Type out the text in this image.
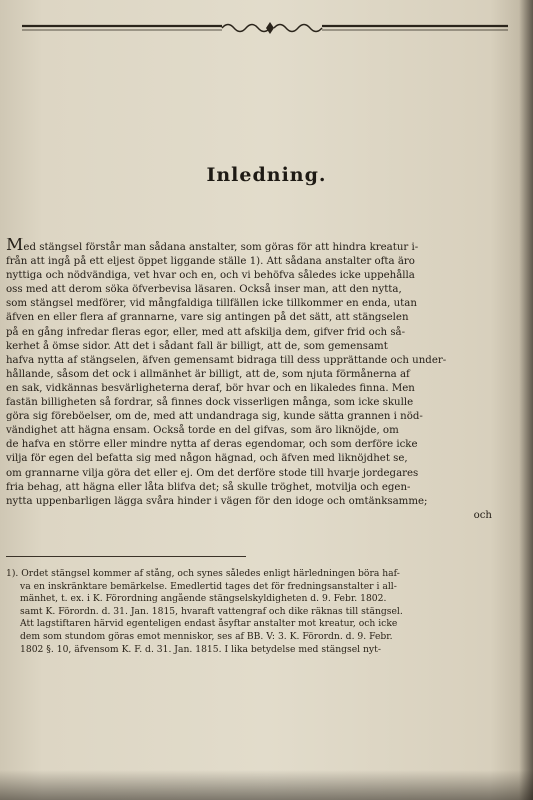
Inledning.
Med stängsel förstår man sådana anstalter, som göras för att hindra kreatur i-
från att ingå på ett eljest öppet liggande ställe 1). Att sådana anstalter ofta äro
nyttiga och nödvändiga, vet hvar och en, och vi behöfva således icke uppehålla
oss med att derom söka öfverbevisa läsaren. Också inser man, att den nytta,
som stängsel medförer, vid mångfaldiga tillfällen icke tillkommer en enda, utan
äfven en eller flera af grannarne, vare sig antingen på det sätt, att stängselen
på en gång infredar fleras egor, eller, med att afskilja dem, gifver frid och så-
kerhet å ömse sidor. Att det i sådant fall är billigt, att de, som gemensamt
hafva nytta af stängselen, äfven gemensamt bidraga till dess upprättande och under-
hållande, såsom det ock i allmänhet är billigt, att de, som njuta förmånerna af
en sak, vidkännas besvärligheterna deraf, bör hvar och en likaledes finna. Men
fastän billigheten så fordrar, så finnes dock visserligen många, som icke skulle
göra sig föreböelser, om de, med att undandraga sig, kunde sätta grannen i nöd-
vändighet att hägna ensam. Också torde en del gifvas, som äro liknöjde, om
de hafva en större eller mindre nytta af deras egendomar, och som derföre icke
vilja för egen del befatta sig med någon hägnad, och äfven med liknöjdhet se,
om grannarne vilja göra det eller ej. Om det derföre stode till hvarje jordegares
fria behag, att hägna eller låta blifva det; så skulle tröghet, motvilja och egen-
nytta uppenbarligen lägga svåra hinder i vägen för den idoge och omtänksamme;
och
1). Ordet stängsel kommer af stång, och synes således enligt härledningen böra haf-
va en inskränktare bemärkelse. Emedlertid tages det för fredningsanstalter i all-
mänhet, t. ex. i K. Förordning angående stängselskyldigheten d. 9. Febr. 1802.
samt K. Förordn. d. 31. Jan. 1815, hvaraft vattengraf och dike räknas till stängsel.
Att lagstiftaren härvid egenteligen endast åsyftar anstalter mot kreatur, och icke
dem som stundom göras emot menniskor, ses af BB. V: 3. K. Förordn. d. 9. Febr.
1802 §. 10, äfvensom K. F. d. 31. Jan. 1815. I lika betydelse med stängsel nyt-
